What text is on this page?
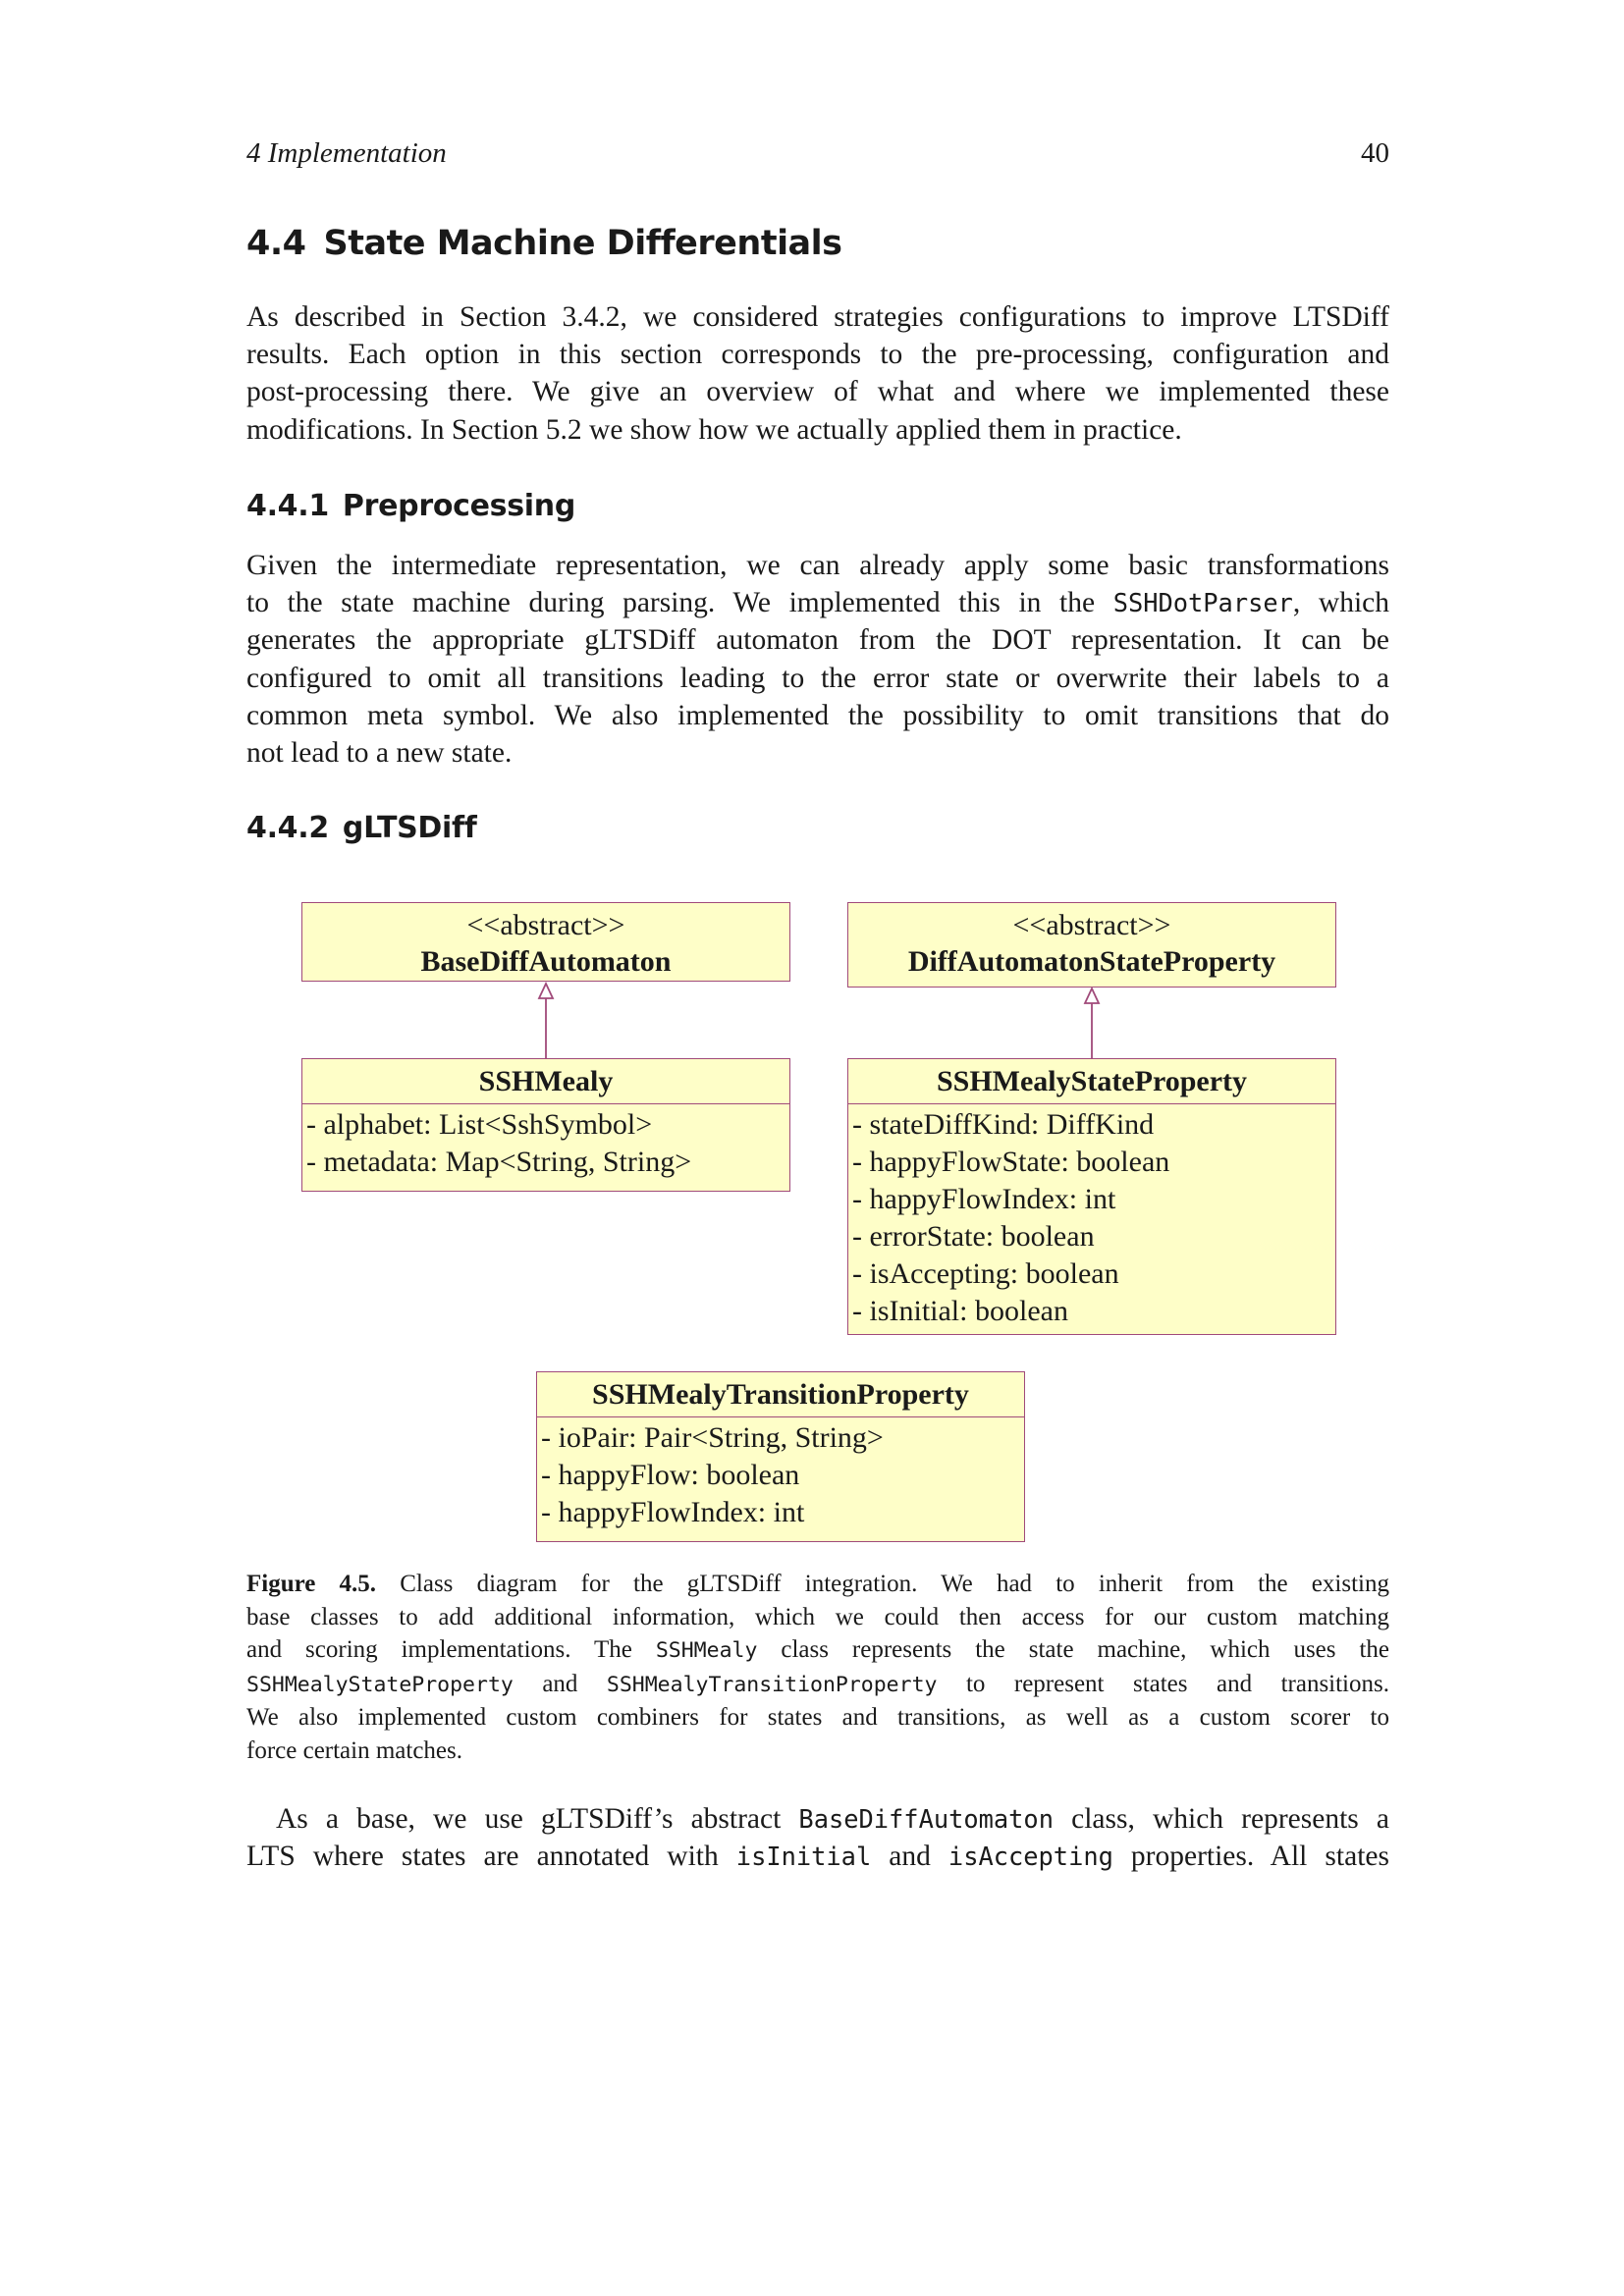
4 Implementation	40
4.4 State Machine Differentials

As described in Section 3.4.2, we considered strategies configurations to improve LTSDiff
results. Each option in this section corresponds to the pre-processing, configuration and
post-processing there. We give an overview of what and where we implemented these
modifications. In Section 5.2 we show how we actually applied them in practice.

4.4.1 Preprocessing

Given the intermediate representation, we can already apply some basic transformations
to the state machine during parsing. We implemented this in the SSHDotParser, which
generates the appropriate gLTSDiff automaton from the DOT representation. It can be
configured to omit all transitions leading to the error state or overwrite their labels to a
common meta symbol. We also implemented the possibility to omit transitions that do
not lead to a new state.

4.4.2 gLTSDiff
<<abstract>>
BaseDiffAutomaton
<<abstract>>
DiffAutomatonStateProperty
SSHMealy
- alphabet: List<SshSymbol>
- metadata: Map<String, String>
SSHMealyStateProperty
- stateDiffKind: DiffKind
- happyFlowState: boolean
- happyFlowIndex: int
- errorState: boolean
- isAccepting: boolean
- isInitial: boolean
SSHMealyTransitionProperty
- ioPair: Pair<String, String>
- happyFlow: boolean
- happyFlowIndex: int

Figure 4.5. Class diagram for the gLTSDiff integration. We had to inherit from the existing
base classes to add additional information, which we could then access for our custom matching
and scoring implementations. The SSHMealy class represents the state machine, which uses the
SSHMealyStateProperty and SSHMealyTransitionProperty to represent states and transitions.
We also implemented custom combiners for states and transitions, as well as a custom scorer to
force certain matches.

As a base, we use gLTSDiff’s abstract BaseDiffAutomaton class, which represents a
LTS where states are annotated with isInitial and isAccepting properties. All states
